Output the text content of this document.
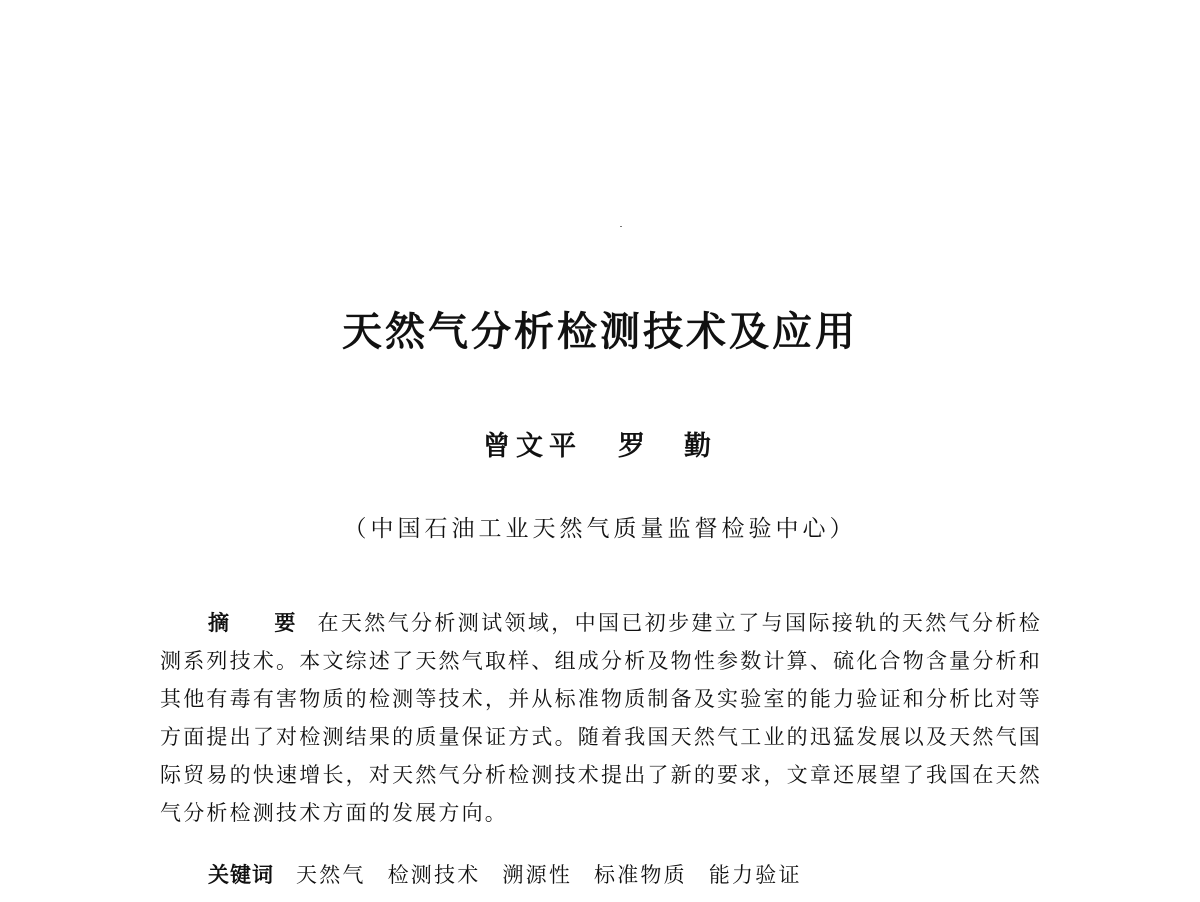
天然气分析检测技术及应用

曾文平 罗　勤

（中国石油工业天然气质量监督检验中心）

摘　要 在天然气分析测试领域，中国已初步建立了与国际接轨的天然气分析检测系列技术。本文综述了天然气取样、组成分析及物性参数计算、硫化合物含量分析和其他有毒有害物质的检测等技术，并从标准物质制备及实验室的能力验证和分析比对等方面提出了对检测结果的质量保证方式。随着我国天然气工业的迅猛发展以及天然气国际贸易的快速增长，对天然气分析检测技术提出了新的要求，文章还展望了我国在天然气分析检测技术方面的发展方向。

关键词 天然气 检测技术 溯源性 标准物质 能力验证
